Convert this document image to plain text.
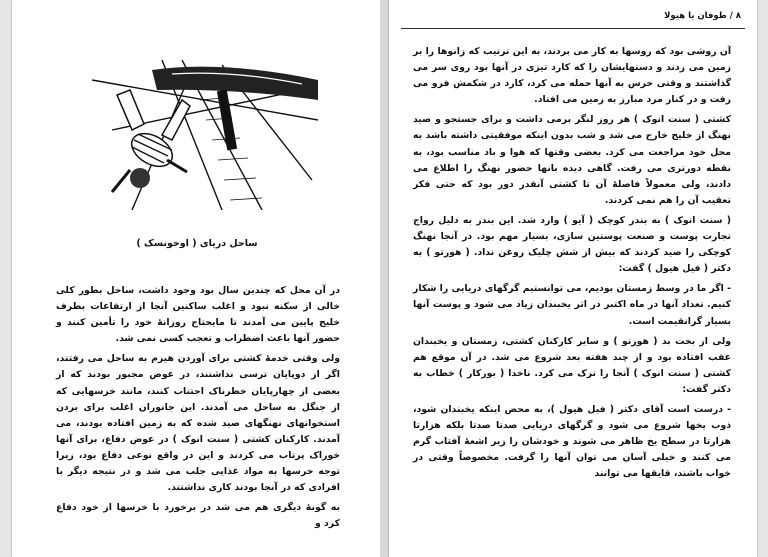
ساحل دریای ( اوخونسک )

در آن محل که چندین سال بود وجود داشت، ساحل بطور کلی خالی از سکنه نبود و اغلب ساکنین آنجا از ارتفاعات بطرف خلیج پایین می آمدند تا مایحتاج روزانهٔ خود را تأمین کنند و حضور آنها باعث اضطراب و تعجب کسی نمی شد.

ولی وقتی خدمهٔ کشتی برای آوردن هیزم به ساحل می رفتند، اگر از دوپایان ترسی نداشتند، در عوض مجبور بودند که از بعضی از چهارپایان خطرناک اجتناب کنند، مانند خرسهایی که از جنگل به ساحل می آمدند. این جانوران اغلب برای بردن استخوانهای نهنگهای صید شده که به زمین افتاده بودند، می آمدند. کارکنان کشتی ( سنت انوک ) در عوض دفاع، برای آنها خوراک پرتاب می کردند و این در واقع نوعی دفاع بود، زیرا توجه خرسها به مواد غذایی جلب می شد و در نتیجه دیگر با افرادی که در آنجا بودند کاری نداشتند.

به گونهٔ دیگری هم می شد در برخورد با خرسها از خود دفاع کرد و

۸ / طوفان یا هیولا

آن روشی بود که روسها به کار می بردند، به این ترتیب که زانوها را بر زمین می زدند و دستهایشان را که کارد تیزی در آنها بود روی سر می گذاشتند و وقتی خرس به آنها حمله می کرد، کارد در شکمش فرو می رفت و در کنار مرد مبارز به زمین می افتاد.

کشتی ( سنت انوک ) هر روز لنگر برمی داشت و برای جستجو و صید نهنگ از خلیج خارج می شد و شب بدون اینکه موفقیتی داشته باشد به محل خود مراجعت می کرد. بعضی وقتها که هوا و باد مناسب بود، به نقطه دورتری می رفت. گاهی دیده بانها حضور نهنگ را اطلاع می دادند، ولی معمولاً فاصلهٔ آن تا کشتی آنقدر دور بود که حتی فکر تعقیب آن را هم نمی کردند.

( سنت انوک ) به بندر کوچک ( آیو ) وارد شد. این بندر به دلیل رواج تجارت پوست و صنعت پوستین سازی، بسیار مهم بود. در آنجا نهنگ کوچکی را صید کردند که بیش از شش چلیک روغن نداد. ( هورتو ) به دکتر ( فیل هیول ) گفت:

- اگر ما در وسط زمستان بودیم، می توانستیم گرگهای دریایی را شکار کنیم. تعداد آنها در ماه اکتبر در اثر یخبندان زیاد می شود و پوست آنها بسیار گرانقیمت است.

ولی از بخت بد ( هورتو ) و سایر کارکنان کشتی، زمستان و یخبندان عقب افتاده بود و از چند هفته بعد شروع می شد. در آن موقع هم کشتی ( سنت انوک ) آنجا را ترک می کرد. ناخدا ( بورکار ) خطاب به دکتر گفت:

- درست است آقای دکتر ( فیل هیول )، به محض اینکه یخبندان شود، ذوب یخها شروع می شود و گرگهای دریایی صدتا صدتا بلکه هزارتا هزارتا در سطح یخ ظاهر می شوند و خودشان را زیر اشعهٔ آفتاب گرم می کنند و خیلی آسان می توان آنها را گرفت. مخصوصاً وقتی در خواب باشند، قایقها می توانند
